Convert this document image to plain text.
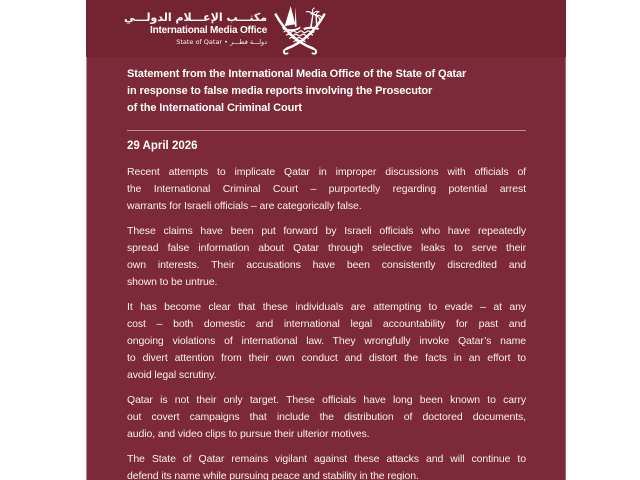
مكتـــب الإعـــلام الدولـــي
International Media Office
State of Qatar • دولـــة قطـــر
Statement from the International Media Office of the State of Qatar
in response to false media reports involving the Prosecutor
of the International Criminal Court
29 April 2026
Recent attempts to implicate Qatar in improper discussions with officials of
the International Criminal Court – purportedly regarding potential arrest
warrants for Israeli officials – are categorically false.
These claims have been put forward by Israeli officials who have repeatedly
spread false information about Qatar through selective leaks to serve their
own interests. Their accusations have been consistently discredited and
shown to be untrue.
It has become clear that these individuals are attempting to evade – at any
cost – both domestic and international legal accountability for past and
ongoing violations of international law. They wrongfully invoke Qatar’s name
to divert attention from their own conduct and distort the facts in an effort to
avoid legal scrutiny.
Qatar is not their only target. These officials have long been known to carry
out covert campaigns that include the distribution of doctored documents,
audio, and video clips to pursue their ulterior motives.
The State of Qatar remains vigilant against these attacks and will continue to
defend its name while pursuing peace and stability in the region.
